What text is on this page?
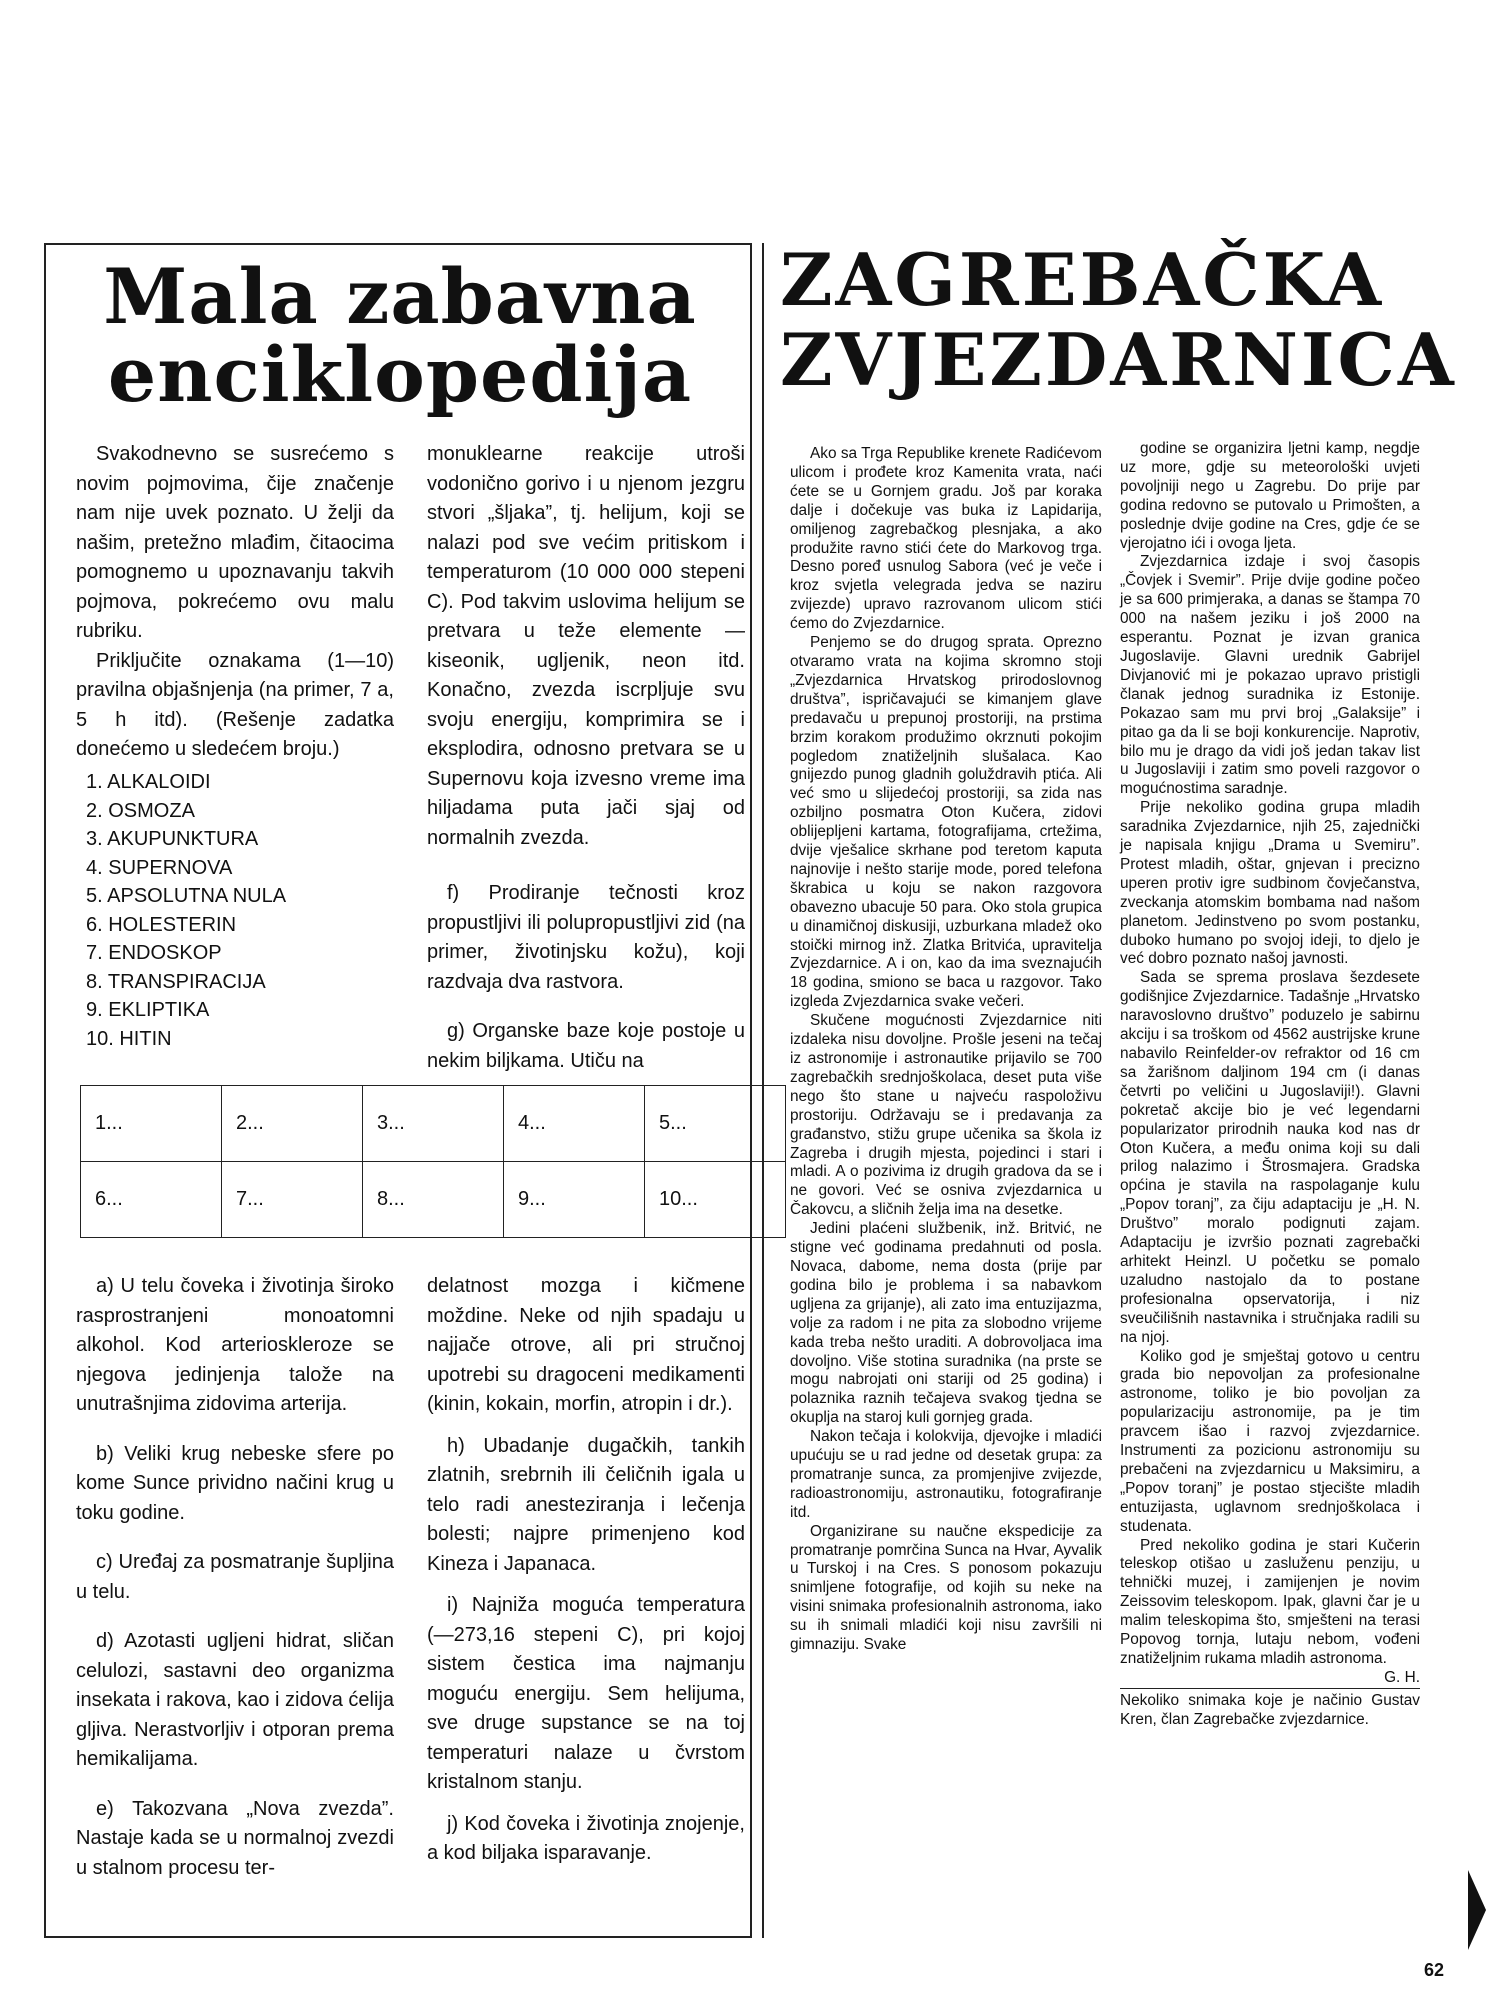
Mala zabavna
enciklopedija

Svakodnevno se susrećemo s novim pojmovima, čije značenje nam nije uvek poznato. U želji da našim, pretežno mlađim, čitaocima pomognemo u upoznavanju takvih pojmova, pokrećemo ovu malu rubriku.

Priključite oznakama (1—10) pravilna objašnjenja (na primer, 7 a, 5 h itd). (Rešenje zadatka donećemo u sledećem broju.)

1. ALKALOIDI
2. OSMOZA
3. AKUPUNKTURA
4. SUPERNOVA
5. APSOLUTNA NULA
6. HOLESTERIN
7. ENDOSKOP
8. TRANSPIRACIJA
9. EKLIPTIKA
10. HITIN

monuklearne reakcije utroši vodonično gorivo i u njenom jezgru stvori „šljaka”, tj. helijum, koji se nalazi pod sve većim pritiskom i temperaturom (10 000 000 stepeni C). Pod takvim uslovima helijum se pretvara u teže elemente — kiseonik, ugljenik, neon itd. Konačno, zvezda iscrpljuje svu svoju energiju, komprimira se i eksplodira, odnosno pretvara se u Supernovu koja izvesno vreme ima hiljadama puta jači sjaj od normalnih zvezda.

f) Prodiranje tečnosti kroz propustljivi ili polupropustljivi zid (na primer, životinjsku kožu), koji razdvaja dva rastvora.

g) Organske baze koje postoje u nekim biljkama. Utiču na

1...	2...	3...	4...	5...
6...	7...	8...	9...	10...

a) U telu čoveka i životinja široko rasprostranjeni monoatomni alkohol. Kod arterioskleroze se njegova jedinjenja talože na unutrašnjima zidovima arterija.

b) Veliki krug nebeske sfere po kome Sunce prividno načini krug u toku godine.

c) Uređaj za posmatranje šupljina u telu.

d) Azotasti ugljeni hidrat, sličan celulozi, sastavni deo organizma insekata i rakova, kao i zidova ćelija gljiva. Nerastvorljiv i otporan prema hemikalijama.

e) Takozvana „Nova zvezda”. Nastaje kada se u normalnoj zvezdi u stalnom procesu ter-

delatnost mozga i kičmene moždine. Neke od njih spadaju u najjače otrove, ali pri stručnoj upotrebi su dragoceni medikamenti (kinin, kokain, morfin, atropin i dr.).

h) Ubadanje dugačkih, tankih zlatnih, srebrnih ili čeličnih igala u telo radi anesteziranja i lečenja bolesti; najpre primenjeno kod Kineza i Japanaca.

i) Najniža moguća temperatura (—273,16 stepeni C), pri kojoj sistem čestica ima najmanju moguću energiju. Sem helijuma, sve druge supstance se na toj temperaturi nalaze u čvrstom kristalnom stanju.

j) Kod čoveka i životinja znojenje, a kod biljaka isparavanje.

ZAGREBAČKA
ZVJEZDARNICA

Ako sa Trga Republike krenete Radićevom ulicom i prođete kroz Kamenita vrata, naći ćete se u Gornjem gradu. Još par koraka dalje i dočekuje vas buka iz Lapidarija, omiljenog zagrebačkog plesnjaka, a ako produžite ravno stići ćete do Markovog trga. Desno poređ usnulog Sabora (već je veče i kroz svjetla velegrada jedva se naziru zvijezde) upravo razrovanom ulicom stići ćemo do Zvjezdarnice.

Penjemo se do drugog sprata. Oprezno otvaramo vrata na kojima skromno stoji „Zvjezdarnica Hrvatskog prirodoslovnog društva”, ispričavajući se kimanjem glave predavaču u prepunoj prostoriji, na prstima brzim korakom produžimo okrznuti pokojim pogledom znatiželjnih slušalaca. Kao gnijezdo punog gladnih goluždravih ptića. Ali već smo u slijedećoj prostoriji, sa zida nas ozbiljno posmatra Oton Kučera, zidovi oblijepljeni kartama, fotografijama, crtežima, dvije vješalice skrhane pod teretom kaputa najnovije i nešto starije mode, pored telefona škrabica u koju se nakon razgovora obavezno ubacuje 50 para. Oko stola grupica u dinamičnoj diskusiji, uzburkana mladež oko stoički mirnog inž. Zlatka Britvića, upravitelja Zvjezdarnice. A i on, kao da ima sveznajućih 18 godina, smiono se baca u razgovor. Tako izgleda Zvjezdarnica svake večeri.

Skučene mogućnosti Zvjezdarnice niti izdaleka nisu dovoljne. Prošle jeseni na tečaj iz astronomije i astronautike prijavilo se 700 zagrebačkih srednjoškolaca, deset puta više nego što stane u najveću raspoloživu prostoriju. Održavaju se i predavanja za građanstvo, stižu grupe učenika sa škola iz Zagreba i drugih mjesta, pojedinci i stari i mladi. A o pozivima iz drugih gradova da se i ne govori. Već se osniva zvjezdarnica u Čakovcu, a sličnih želja ima na desetke.

Jedini plaćeni službenik, inž. Britvić, ne stigne već godinama predahnuti od posla. Novaca, dabome, nema dosta (prije par godina bilo je problema i sa nabavkom ugljena za grijanje), ali zato ima entuzijazma, volje za radom i ne pita za slobodno vrijeme kada treba nešto uraditi. A dobrovoljaca ima dovoljno. Više stotina suradnika (na prste se mogu nabrojati oni stariji od 25 godina) i polaznika raznih tečajeva svakog tjedna se okupljа na staroj kuli gornjeg grada.

Nakon tečaja i kolokvija, djevojke i mladići upućuju se u rad jedne od desetak grupa: za promatranje sunca, za promjenjive zvijezde, radioastronomiju, astronautiku, fotografiranje itd.

Organizirane su naučne ekspedicije za promatranje pomrčina Sunca na Hvar, Ayvalik u Turskoj i na Cres. S ponosom pokazuju snimljene fotografije, od kojih su neke na visini snimaka profesionalnih astronoma, iako su ih snimali mladići koji nisu završili ni gimnaziju. Svake

godine se organizira ljetni kamp, negdje uz more, gdje su meteorološki uvjeti povoljniji nego u Zagrebu. Do prije par godina redovno se putovalo u Primošten, a poslednje dvije godine na Cres, gdje će se vjerojatno ići i ovoga ljeta.

Zvjezdarnica izdaje i svoj časopis „Čovjek i Svemir”. Prije dvije godine počeo je sa 600 primjeraka, a danas se štampa 70 000 na našem jeziku i još 2000 na esperantu. Poznat je izvan granica Jugoslavije. Glavni urednik Gabrijel Divjanović mi je pokazao upravo pristigli članak jednog suradnika iz Estonije. Pokazao sam mu prvi broj „Galaksije” i pitao ga da li se boji konkurencije. Naprotiv, bilo mu je drago da vidi još jedan takav list u Jugoslaviji i zatim smo poveli razgovor o mogućnostima saradnje.

Prije nekoliko godina grupa mladih saradnika Zvjezdarnice, njih 25, zajednički je napisala knjigu „Drama u Svemiru”. Protest mladih, oštar, gnjevan i precizno uperen protiv igre sudbinom čovječanstva, zveckanja atomskim bombama nad našom planetom. Jedinstveno po svom postanku, duboko humano po svojoj ideji, to djelo je već dobro poznato našoj javnosti.

Sada se sprema proslava šezdesete godišnjice Zvjezdarnice. Tadašnje „Hrvatsko naravoslovno društvo” poduzelo je sabirnu akciju i sa troškom od 4562 austrijske krune nabavilo Reinfelder-ov refraktor od 16 cm sa žarišnom daljinom 194 cm (i danas četvrti po veličini u Jugoslaviji!). Glavni pokretač akcije bio je već legendarni popularizator prirodnih nauka kod nas dr Oton Kučera, a među onima koji su dali prilog nalazimo i Štrosmajera. Gradska općina je stavila na raspolaganje kulu „Popov toranj”, za čiju adaptaciju je „H. N. Društvo” moralo podignuti zajam. Adaptaciju je izvršio poznati zagrebački arhitekt Heinzl. U početku se pomalo uzaludno nastojalo da to postane profesionalna opservatorija, i niz sveučilišnih nastavnika i stručnjaka radili su na njoj.

Koliko god je smještaj gotovo u centru grada bio nepovoljan za profesionalne astronome, toliko je bio povoljan za popularizaciju astronomije, pa je tim pravcem išao i razvoj zvjezdarnice. Instrumenti za pozicionu astronomiju su prebačeni na zvjezdarnicu u Maksimiru, a „Popov toranj” je postao stjecište mladih entuzijasta, uglavnom srednjoškolaca i studenata.

Pred nekoliko godina je stari Kučerin teleskop otišao u zasluženu penziju, u tehnički muzej, i zamijenjen je novim Zeissovim teleskopom. Ipak, glavni čar je u malim teleskopima što, smješteni na terasi Popovog tornja, lutaju nebom, vođeni znatiželjnim rukama mladih astronoma.

G. H.
Nekoliko snimaka koje je načinio Gustav Kren, član Zagrebačke zvjezdarnice.
62
